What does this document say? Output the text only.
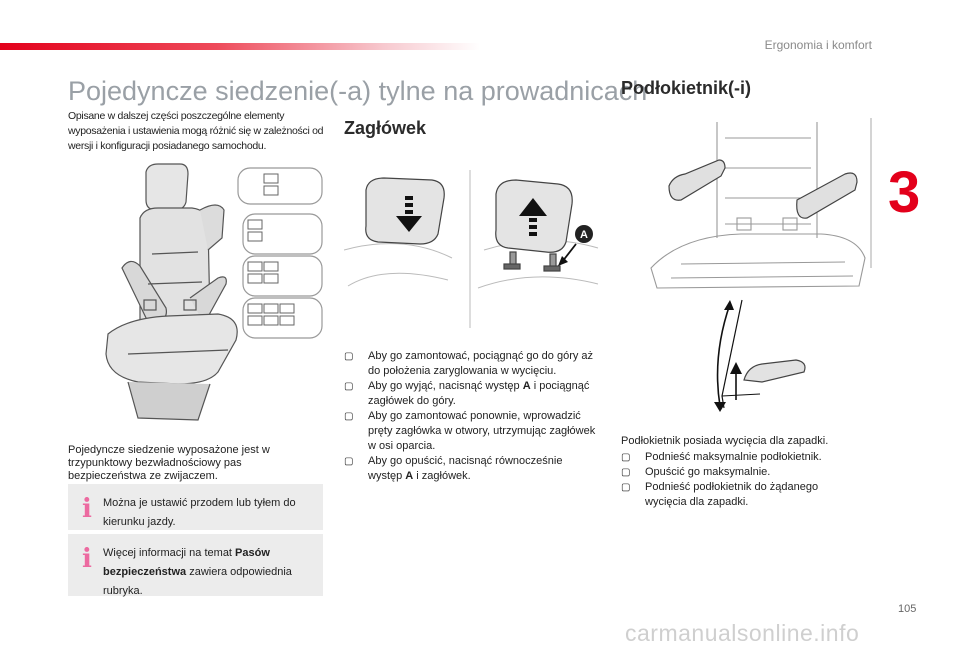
Ergonomia i komfort
3
Pojedyncze siedzenie(-a) tylne na prowadnicach
Opisane w dalszej części poszczególne elementy wyposażenia i ustawienia mogą różnić się w zależności od wersji i konfiguracji posiadanego samochodu.
Pojedyncze siedzenie wyposażone jest w trzypunktowy bezwładnościowy pas bezpieczeństwa ze zwijaczem.
i Można je ustawić przodem lub tyłem do kierunku jazdy.
i Więcej informacji na temat Pasów bezpieczeństwa zawiera odpowiednia rubryka.
Zagłówek
A
▢ Aby go zamontować, pociągnąć go do góry aż do położenia zaryglowania w wycięciu.
▢ Aby go wyjąć, nacisnąć występ A i pociągnąć zagłówek do góry.
▢ Aby go zamontować ponownie, wprowadzić pręty zagłówka w otwory, utrzymując zagłówek w osi oparcia.
▢ Aby go opuścić, nacisnąć równocześnie występ A i zagłówek.
Podłokietnik(-i)
Podłokietnik posiada wycięcia dla zapadki.
▢ Podnieść maksymalnie podłokietnik.
▢ Opuścić go maksymalnie.
▢ Podnieść podłokietnik do żądanego wycięcia dla zapadki.
105
carmanualsonline.info
